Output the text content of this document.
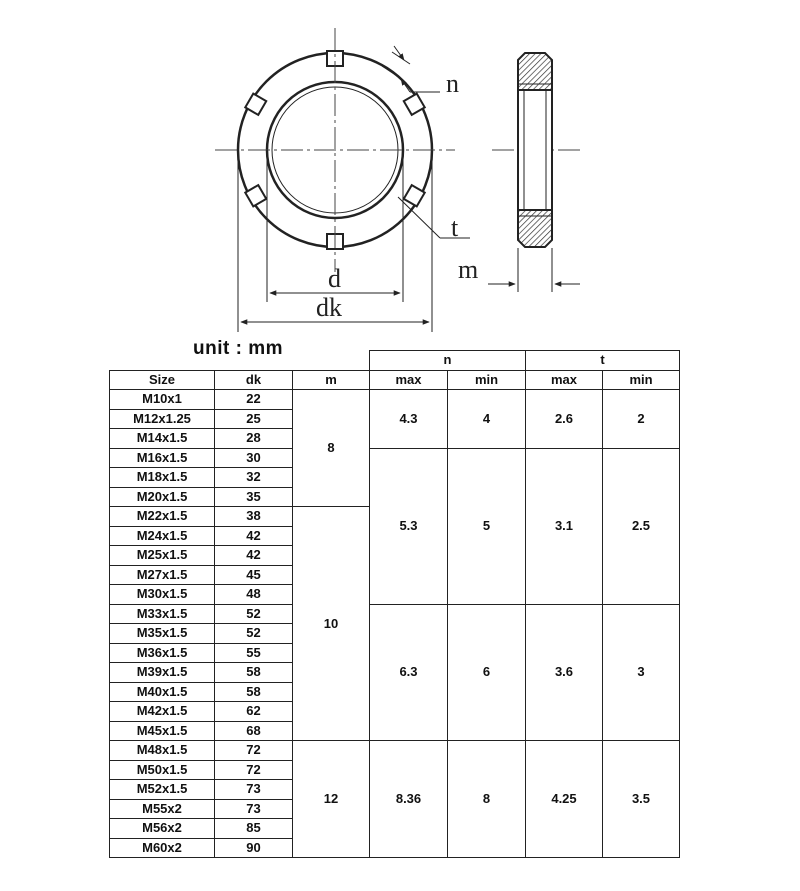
n
t
m
d
dk
unit : mm
			n		t	
Size	dk	m	max	min	max	min
M10x1	22	8	4.3	4	2.6	2
M12x1.25	25					
M14x1.5	28					
M16x1.5	30		5.3	5	3.1	2.5
M18x1.5	32					
M20x1.5	35					
M22x1.5	38	10				
M24x1.5	42					
M25x1.5	42					
M27x1.5	45					
M30x1.5	48					
M33x1.5	52		6.3	6	3.6	3
M35x1.5	52					
M36x1.5	55					
M39x1.5	58					
M40x1.5	58					
M42x1.5	62					
M45x1.5	68					
M48x1.5	72	12	8.36	8	4.25	3.5
M50x1.5	72					
M52x1.5	73					
M55x2	73					
M56x2	85					
M60x2	90					
